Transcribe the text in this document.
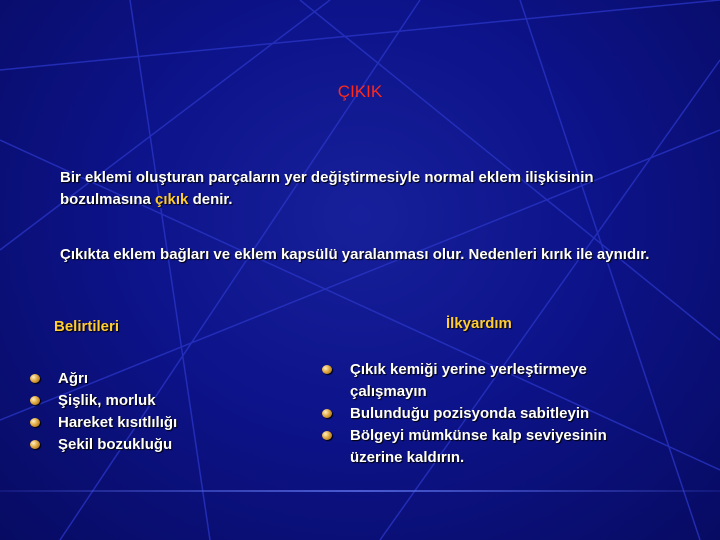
ÇIKIK
Bir eklemi oluşturan parçaların yer değiştirmesiyle normal eklem ilişkisinin bozulmasına çıkık denir.
Çıkıkta eklem bağları ve eklem kapsülü yaralanması olur. Nedenleri kırık ile aynıdır.
Belirtileri	İlkyardım
Ağrı
Şişlik, morluk
Hareket kısıtlılığı
Şekil bozukluğu
Çıkık kemiği yerine yerleştirmeye çalışmayın
Bulunduğu pozisyonda sabitleyin
Bölgeyi mümkünse kalp seviyesinin üzerine kaldırın.
